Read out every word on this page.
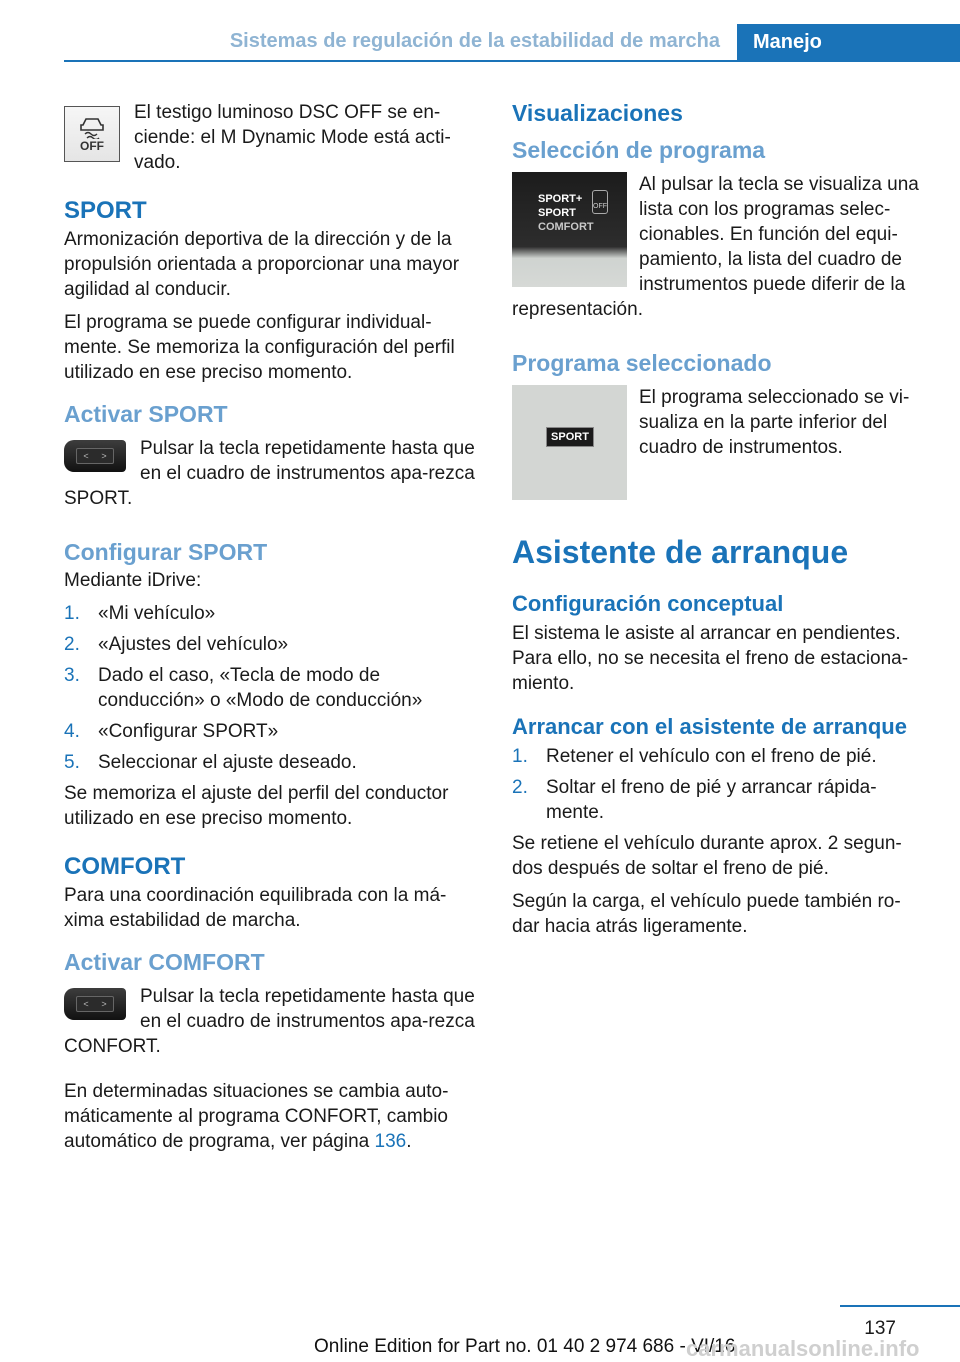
Sistemas de regulación de la estabilidad de marcha	Manejo
OFF

El testigo luminoso DSC OFF se en‐ciende: el M Dynamic Mode está acti‐vado.

SPORT

Armonización deportiva de la dirección y de la propulsión orientada a proporcionar una mayor agilidad al conducir.

El programa se puede configurar individual‐mente. Se memoriza la configuración del perfil utilizado en ese preciso momento.

Activar SPORT
< >	Pulsar la tecla repetidamente hasta que en el cuadro de instrumentos apa‐rezca SPORT.

Configurar SPORT

Mediante iDrive:

1. «Mi vehículo»
2. «Ajustes del vehículo»
3. Dado el caso, «Tecla de modo de conducción» o «Modo de conducción»
4. «Configurar SPORT»
5. Seleccionar el ajuste deseado.

Se memoriza el ajuste del perfil del conductor utilizado en ese preciso momento.

COMFORT

Para una coordinación equilibrada con la má‐xima estabilidad de marcha.

Activar COMFORT
< >	Pulsar la tecla repetidamente hasta que en el cuadro de instrumentos apa‐rezca CONFORT.

En determinadas situaciones se cambia auto‐máticamente al programa CONFORT, cambio automático de programa, ver página 136.

Visualizaciones
Selección de programa
SPORT+
SPORT
COMFORT
OFF

Al pulsar la tecla se visualiza una lista con los programas selec‐cionables. En función del equi‐pamiento, la lista del cuadro de instrumentos puede diferir de la representación.

Programa seleccionado
SPORT

El programa seleccionado se vi‐sualiza en la parte inferior del cuadro de instrumentos.

Asistente de arranque
Configuración conceptual

El sistema le asiste al arrancar en pendientes. Para ello, no se necesita el freno de estaciona‐miento.

Arrancar con el asistente de arranque
1. Retener el vehículo con el freno de pié.
2. Soltar el freno de pié y arrancar rápida‐mente.

Se retiene el vehículo durante aprox. 2 segun‐dos después de soltar el freno de pié.

Según la carga, el vehículo puede también ro‐dar hacia atrás ligeramente.

137
Online Edition for Part no. 01 40 2 974 686 - VI/16
carmanualsonline.info
